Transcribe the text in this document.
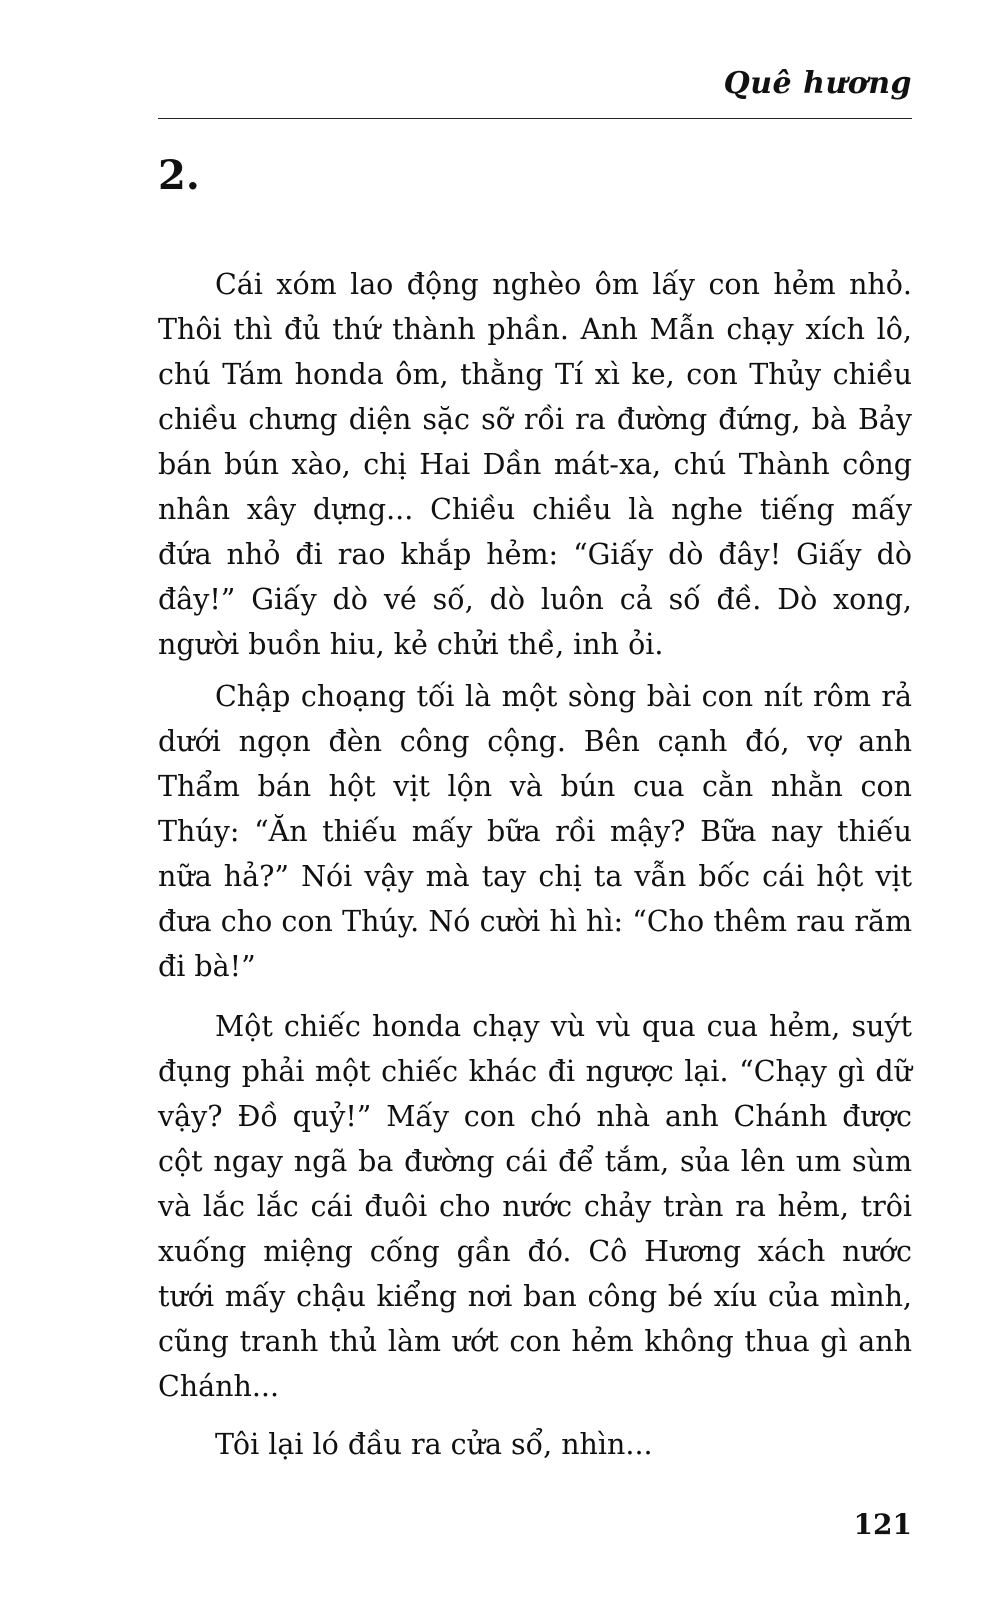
Quê hương
2.

Cái xóm lao động nghèo ôm lấy con hẻm nhỏ. Thôi thì đủ thứ thành phần. Anh Mẫn chạy xích lô, chú Tám honda ôm, thằng Tí xì ke, con Thủy chiều chiều chưng diện sặc sỡ rồi ra đường đứng, bà Bảy bán bún xào, chị Hai Dần mát-xa, chú Thành công nhân xây dựng... Chiều chiều là nghe tiếng mấy đứa nhỏ đi rao khắp hẻm: “Giấy dò đây! Giấy dò đây!” Giấy dò vé số, dò luôn cả số đề. Dò xong, người buồn hiu, kẻ chửi thề, inh ỏi.

Chập choạng tối là một sòng bài con nít rôm rả dưới ngọn đèn công cộng. Bên cạnh đó, vợ anh Thẩm bán hột vịt lộn và bún cua cằn nhằn con Thúy: “Ăn thiếu mấy bữa rồi mậy? Bữa nay thiếu nữa hả?” Nói vậy mà tay chị ta vẫn bốc cái hột vịt đưa cho con Thúy. Nó cười hì hì: “Cho thêm rau răm đi bà!”

Một chiếc honda chạy vù vù qua cua hẻm, suýt đụng phải một chiếc khác đi ngược lại. “Chạy gì dữ vậy? Đồ quỷ!” Mấy con chó nhà anh Chánh được cột ngay ngã ba đường cái để tắm, sủa lên um sùm và lắc lắc cái đuôi cho nước chảy tràn ra hẻm, trôi xuống miệng cống gần đó. Cô Hương xách nước tưới mấy chậu kiểng nơi ban công bé xíu của mình, cũng tranh thủ làm ướt con hẻm không thua gì anh Chánh...

Tôi lại ló đầu ra cửa sổ, nhìn...

121
